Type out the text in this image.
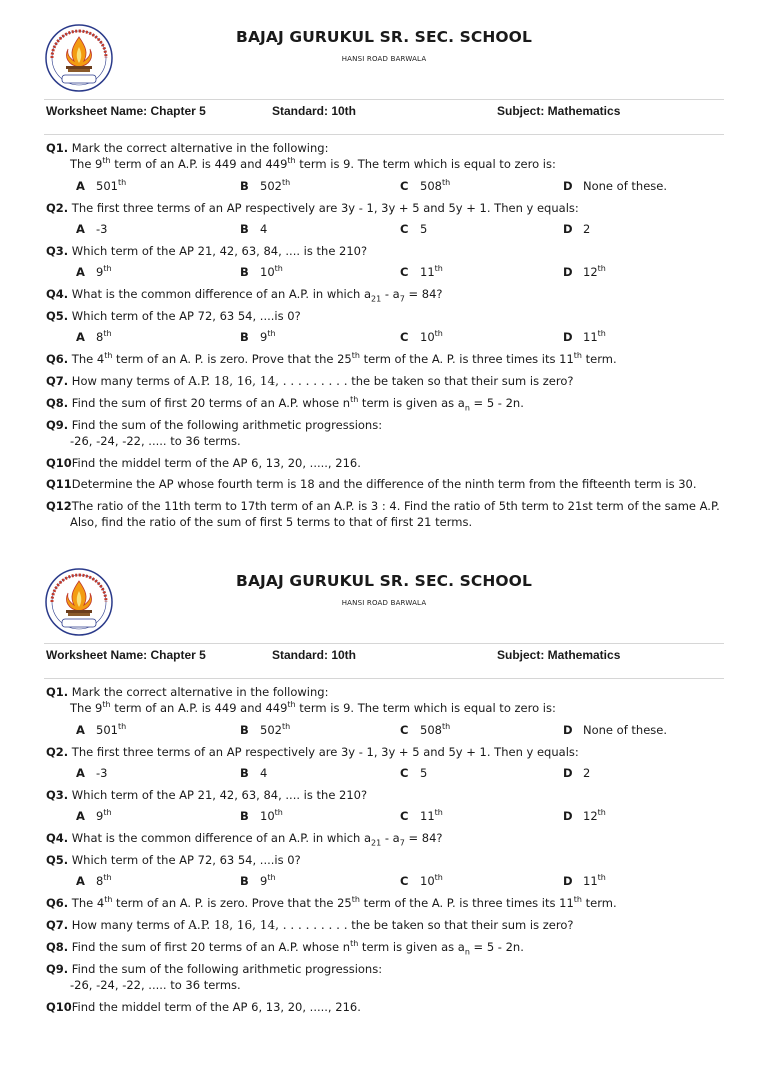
BAJAJ GURUKUL SR. SEC. SCHOOL
HANSI ROAD BARWALA
Worksheet Name: Chapter 5	Standard: 10th	Subject: Mathematics
Q1. Mark the correct alternative in the following:
The 9th term of an A.P. is 449 and 449th term is 9. The term which is equal to zero is:
A 501th	B 502th	C 508th	D None of these.
Q2. The first three terms of an AP respectively are 3y - 1, 3y + 5 and 5y + 1. Then y equals:
A -3	B 4	C 5	D 2
Q3. Which term of the AP 21, 42, 63, 84, .... is the 210?
A 9th	B 10th	C 11th	D 12th
Q4. What is the common difference of an A.P. in which $a_{21} - a_7 = 84$?
Q5. Which term of the AP 72, 63 54, ....is 0?
A 8th	B 9th	C 10th	D 11th
Q6. The 4th term of an A. P. is zero. Prove that the 25th term of the A. P. is three times its 11th term.
Q7. How many terms of A.P. 18, 16, 14, . . . . . . . . . the be taken so that their sum is zero?
Q8. Find the sum of first 20 terms of an A.P. whose $n^{th}$ term is given as $a_n = 5 - 2n$.
Q9. Find the sum of the following arithmetic progressions:
-26, -24, -22, ..... to 36 terms.
Q10Find the middel term of the AP 6, 13, 20, ....., 216.
Q11Determine the AP whose fourth term is 18 and the difference of the ninth term from the fifteenth term is 30.
Q12The ratio of the 11th term to 17th term of an A.P. is 3 : 4. Find the ratio of 5th term to 21st term of the same A.P.
Also, find the ratio of the sum of first 5 terms to that of first 21 terms.
BAJAJ GURUKUL SR. SEC. SCHOOL
HANSI ROAD BARWALA
Worksheet Name: Chapter 5	Standard: 10th	Subject: Mathematics
Q1. Mark the correct alternative in the following:
The 9th term of an A.P. is 449 and 449th term is 9. The term which is equal to zero is:
A 501th	B 502th	C 508th	D None of these.
Q2. The first three terms of an AP respectively are 3y - 1, 3y + 5 and 5y + 1. Then y equals:
A -3	B 4	C 5	D 2
Q3. Which term of the AP 21, 42, 63, 84, .... is the 210?
A 9th	B 10th	C 11th	D 12th
Q4. What is the common difference of an A.P. in which $a_{21} - a_7 = 84$?
Q5. Which term of the AP 72, 63 54, ....is 0?
A 8th	B 9th	C 10th	D 11th
Q6. The 4th term of an A. P. is zero. Prove that the 25th term of the A. P. is three times its 11th term.
Q7. How many terms of A.P. 18, 16, 14, . . . . . . . . . the be taken so that their sum is zero?
Q8. Find the sum of first 20 terms of an A.P. whose $n^{th}$ term is given as $a_n = 5 - 2n$.
Q9. Find the sum of the following arithmetic progressions:
-26, -24, -22, ..... to 36 terms.
Q10Find the middel term of the AP 6, 13, 20, ....., 216.
